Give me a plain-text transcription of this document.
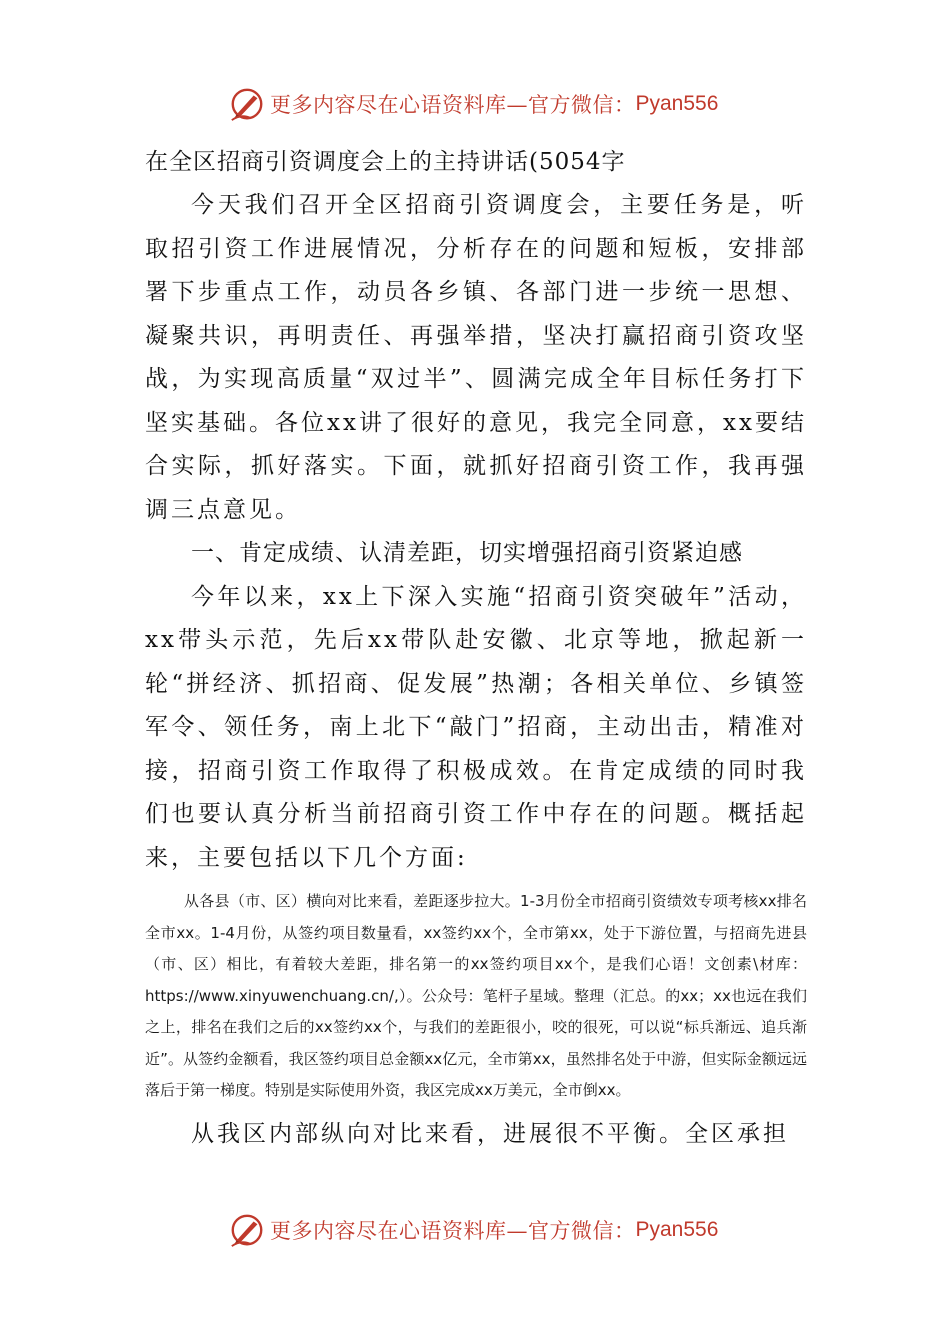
更多内容尽在心语资料库—官方微信： Pyan556
在全区招商引资调度会上的主持讲话(5054字

今天我们召开全区招商引资调度会，主要任务是，听取招引资工作进展情况，分析存在的问题和短板，安排部署下步重点工作，动员各乡镇、各部门进一步统一思想、凝聚共识，再明责任、再强举措，坚决打赢招商引资攻坚战，为实现高质量“双过半”、圆满完成全年目标任务打下坚实基础。各位xx讲了很好的意见，我完全同意，xx要结合实际，抓好落实。下面，就抓好招商引资工作，我再强调三点意见。

一、肯定成绩、认清差距，切实增强招商引资紧迫感

今年以来，xx上下深入实施“招商引资突破年”活动，xx带头示范，先后xx带队赴安徽、北京等地，掀起新一轮“拼经济、抓招商、促发展”热潮；各相关单位、乡镇签军令、领任务，南上北下“敲门”招商，主动出击，精准对接，招商引资工作取得了积极成效。在肯定成绩的同时我们也要认真分析当前招商引资工作中存在的问题。概括起来，主要包括以下几个方面:

从各县（市、区）横向对比来看，差距逐步拉大。1-3月份全市招商引资绩效专项考核xx排名全市xx。1-4月份，从签约项目数量看，xx签约xx个，全市第xx，处于下游位置，与招商先进县（市、区）相比，有着较大差距，排名第一的xx签约项目xx个，是我们心语！文创素\材库：https://www.xinyuwenchuang.cn/,）。公众号：笔杆子星域。整理（汇总。的xx；xx也远在我们之上，排名在我们之后的xx签约xx个，与我们的差距很小，咬的很死，可以说“标兵渐远、追兵渐近”。从签约金额看，我区签约项目总金额xx亿元，全市第xx，虽然排名处于中游，但实际金额远远落后于第一梯度。特别是实际使用外资，我区完成xx万美元，全市倒xx。

从我区内部纵向对比来看，进展很不平衡。全区承担

更多内容尽在心语资料库—官方微信： Pyan556
